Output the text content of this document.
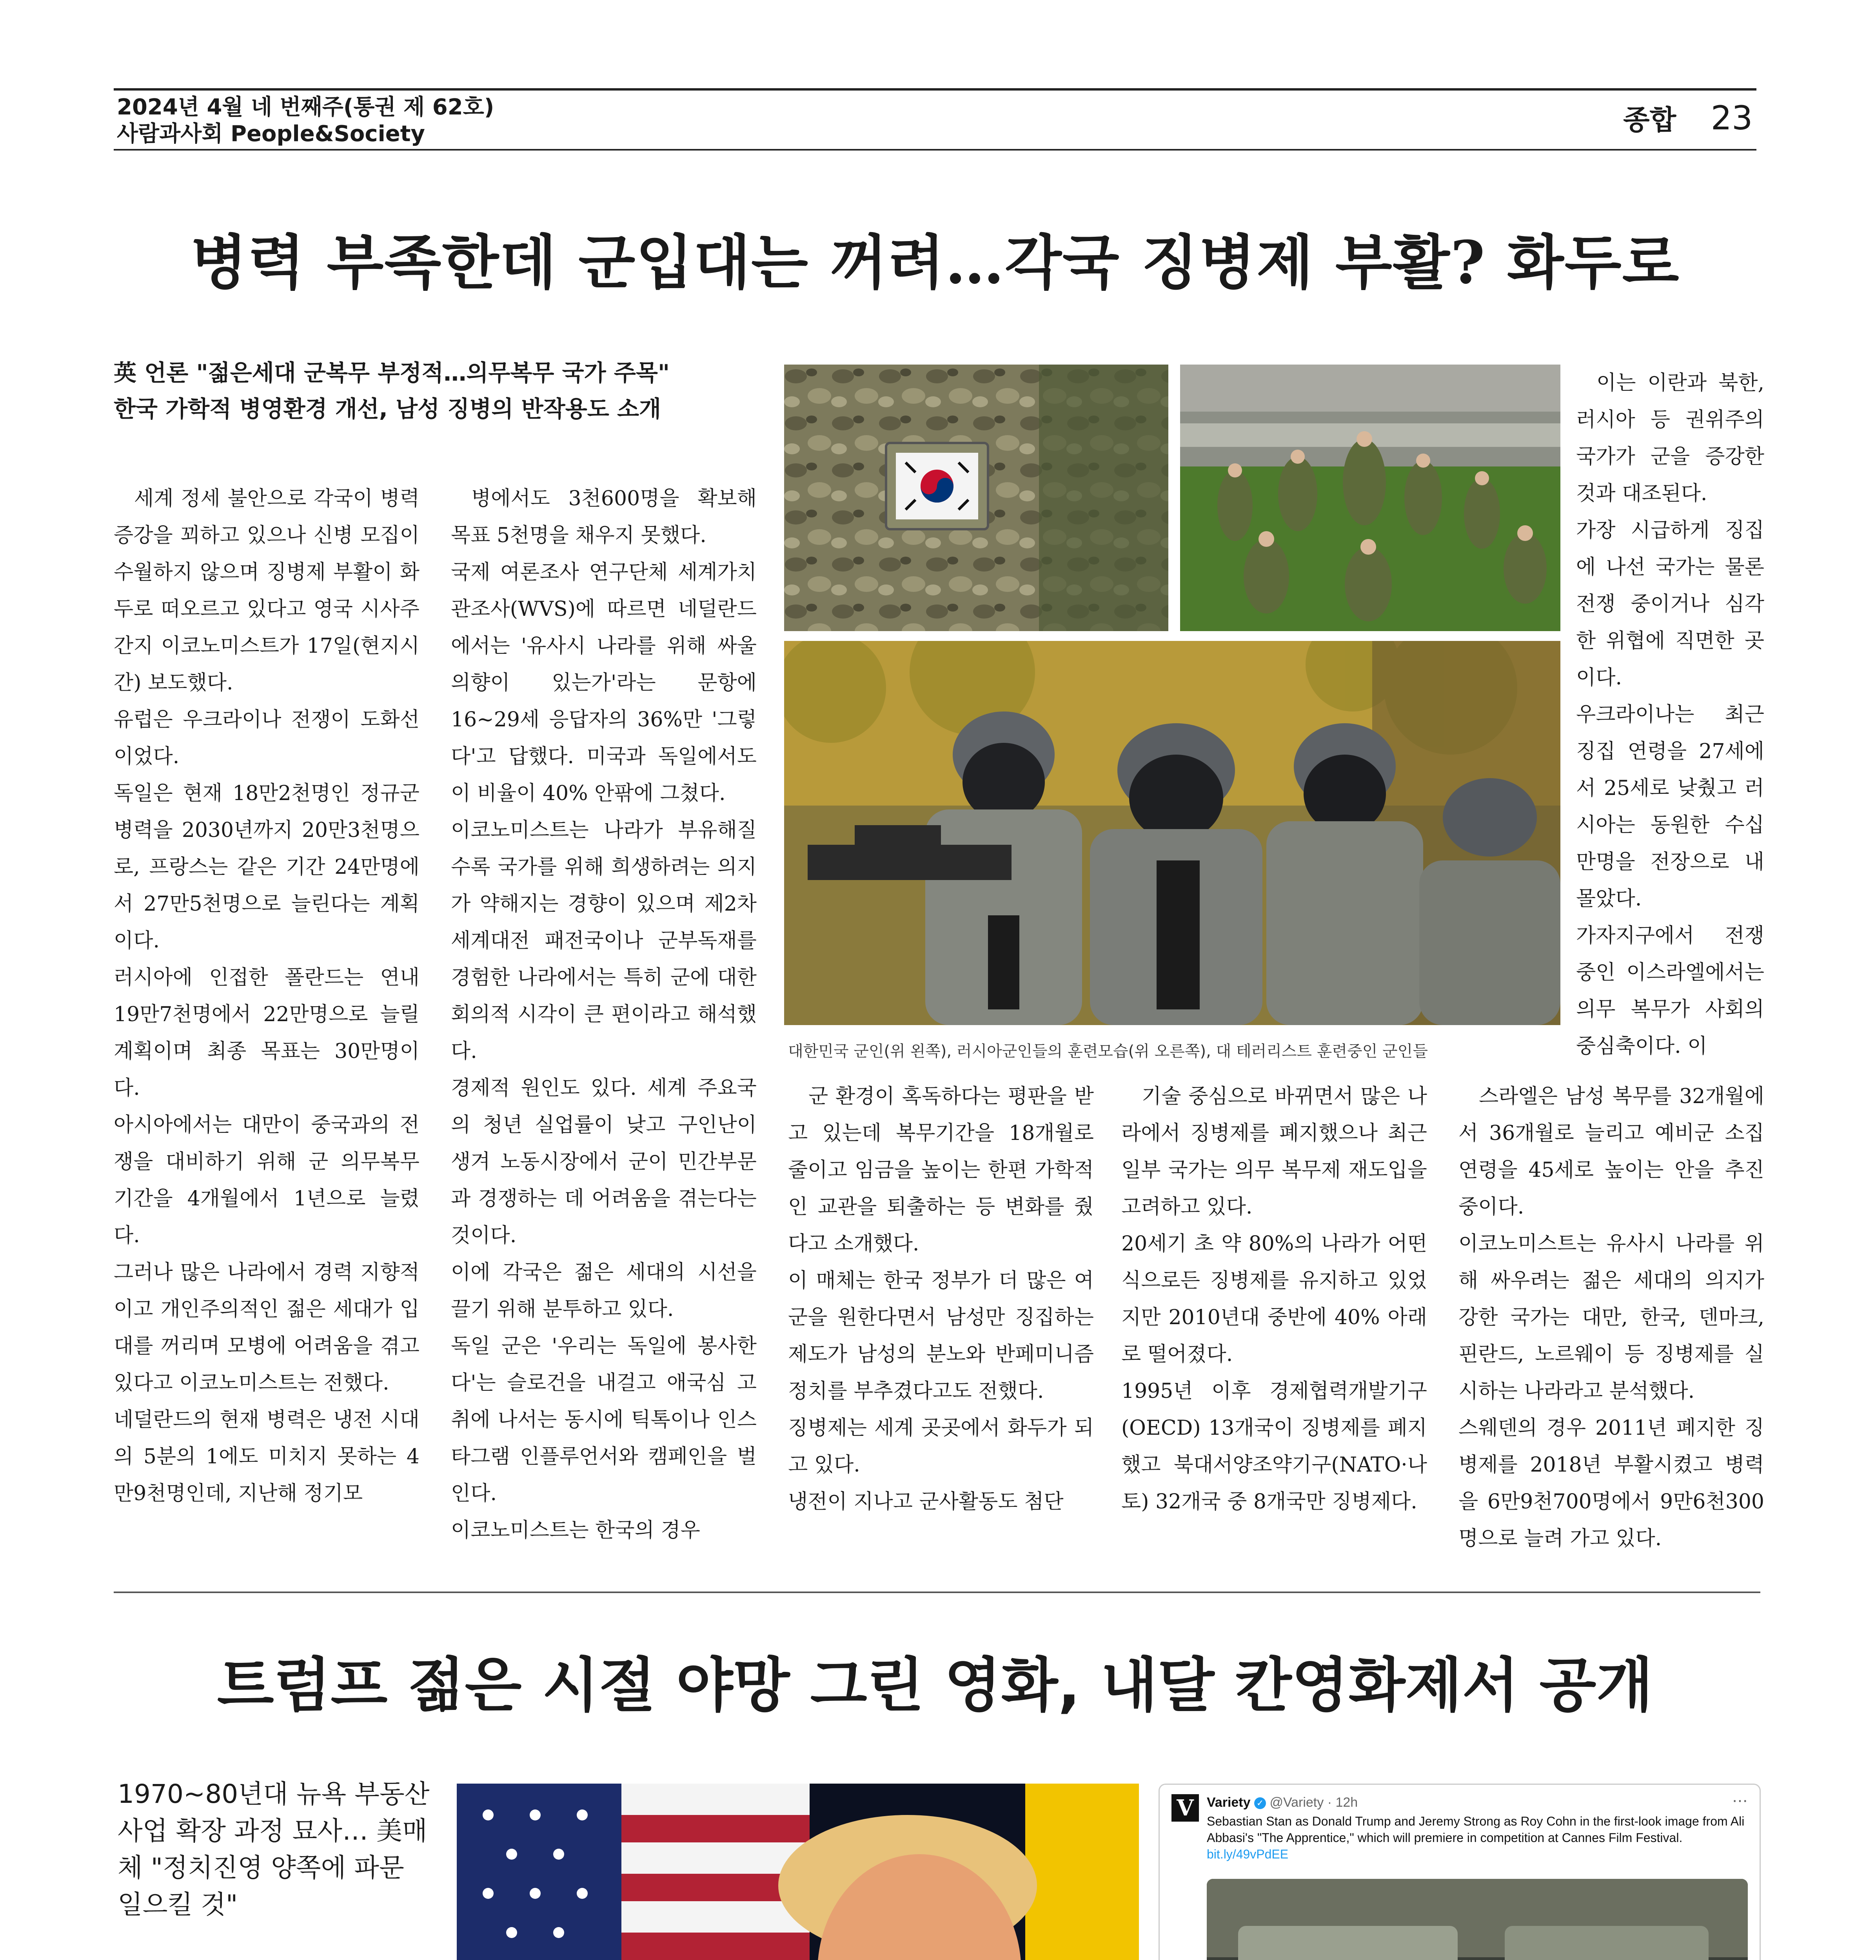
2024년 4월 네 번째주(통권 제 62호)
사람과사회 People&Society	종합 23
병력 부족한데 군입대는 꺼려…각국 징병제 부활? 화두로
英 언론 "젊은세대 군복무 부정적…의무복무 국가 주목"
한국 가학적 병영환경 개선, 남성 징병의 반작용도 소개
대한민국 군인(위 왼쪽), 러시아군인들의 훈련모습(위 오른쪽), 대 테러리스트 훈련중인 군인들

세계 정세 불안으로 각국이 병력 증강을 꾀하고 있으나 신병 모집이 수월하지 않으며 징병제 부활이 화두로 떠오르고 있다고 영국 시사주간지 이코노미스트가 17일(현지시간) 보도했다.
유럽은 우크라이나 전쟁이 도화선이었다.
독일은 현재 18만2천명인 정규군 병력을 2030년까지 20만3천명으로, 프랑스는 같은 기간 24만명에서 27만5천명으로 늘린다는 계획이다.
러시아에 인접한 폴란드는 연내 19만7천명에서 22만명으로 늘릴 계획이며 최종 목표는 30만명이다.
아시아에서는 대만이 중국과의 전쟁을 대비하기 위해 군 의무복무 기간을 4개월에서 1년으로 늘렸다.
그러나 많은 나라에서 경력 지향적이고 개인주의적인 젊은 세대가 입대를 꺼리며 모병에 어려움을 겪고 있다고 이코노미스트는 전했다.
네덜란드의 현재 병력은 냉전 시대의 5분의 1에도 미치지 못하는 4만9천명인데, 지난해 정기모

병에서도 3천600명을 확보해 목표 5천명을 채우지 못했다.
국제 여론조사 연구단체 세계가치관조사(WVS)에 따르면 네덜란드에서는 '유사시 나라를 위해 싸울 의향이 있는가'라는 문항에 16~29세 응답자의 36%만 '그렇다'고 답했다. 미국과 독일에서도 이 비율이 40% 안팎에 그쳤다.
이코노미스트는 나라가 부유해질수록 국가를 위해 희생하려는 의지가 약해지는 경향이 있으며 제2차 세계대전 패전국이나 군부독재를 경험한 나라에서는 특히 군에 대한 회의적 시각이 큰 편이라고 해석했다.
경제적 원인도 있다. 세계 주요국의 청년 실업률이 낮고 구인난이 생겨 노동시장에서 군이 민간부문과 경쟁하는 데 어려움을 겪는다는 것이다.
이에 각국은 젊은 세대의 시선을 끌기 위해 분투하고 있다.
독일 군은 '우리는 독일에 봉사한다'는 슬로건을 내걸고 애국심 고취에 나서는 동시에 틱톡이나 인스타그램 인플루언서와 캠페인을 벌인다.
이코노미스트는 한국의 경우

군 환경이 혹독하다는 평판을 받고 있는데 복무기간을 18개월로 줄이고 임금을 높이는 한편 가학적인 교관을 퇴출하는 등 변화를 줬다고 소개했다.
이 매체는 한국 정부가 더 많은 여군을 원한다면서 남성만 징집하는 제도가 남성의 분노와 반페미니즘 정치를 부추겼다고도 전했다.
징병제는 세계 곳곳에서 화두가 되고 있다.
냉전이 지나고 군사활동도 첨단

기술 중심으로 바뀌면서 많은 나라에서 징병제를 폐지했으나 최근 일부 국가는 의무 복무제 재도입을 고려하고 있다.
20세기 초 약 80%의 나라가 어떤 식으로든 징병제를 유지하고 있었지만 2010년대 중반에 40% 아래로 떨어졌다.
1995년 이후 경제협력개발기구(OECD) 13개국이 징병제를 폐지했고 북대서양조약기구(NATO·나토) 32개국 중 8개국만 징병제다.

스라엘은 남성 복무를 32개월에서 36개월로 늘리고 예비군 소집 연령을 45세로 높이는 안을 추진 중이다.
이코노미스트는 유사시 나라를 위해 싸우려는 젊은 세대의 의지가 강한 국가는 대만, 한국, 덴마크, 핀란드, 노르웨이 등 징병제를 실시하는 나라라고 분석했다.
스웨덴의 경우 2011년 폐지한 징병제를 2018년 부활시켰고 병력을 6만9천700명에서 9만6천300명으로 늘려 가고 있다.

이는 이란과 북한, 러시아 등 권위주의 국가가 군을 증강한 것과 대조된다.
가장 시급하게 징집에 나선 국가는 물론 전쟁 중이거나 심각한 위협에 직면한 곳이다.
우크라이나는 최근 징집 연령을 27세에서 25세로 낮췄고 러시아는 동원한 수십만명을 전장으로 내몰았다.
가자지구에서 전쟁 중인 이스라엘에서는 의무 복무가 사회의 중심축이다. 이

트럼프 젊은 시절 야망 그린 영화, 내달 칸영화제서 공개
1970~80년대 뉴욕 부동산 사업 확장 과정 묘사… 美매체 "정치진영 양쪽에 파문 일으킬 것"
V Variety ✓ @Variety · 12h	⋯
Sebastian Stan as Donald Trump and Jeremy Strong as Roy Cohn in the first-look image from Ali Abbasi's "The Apprentice," which will premiere in competition at Cannes Film Festival. bit.ly/49vPdEE
